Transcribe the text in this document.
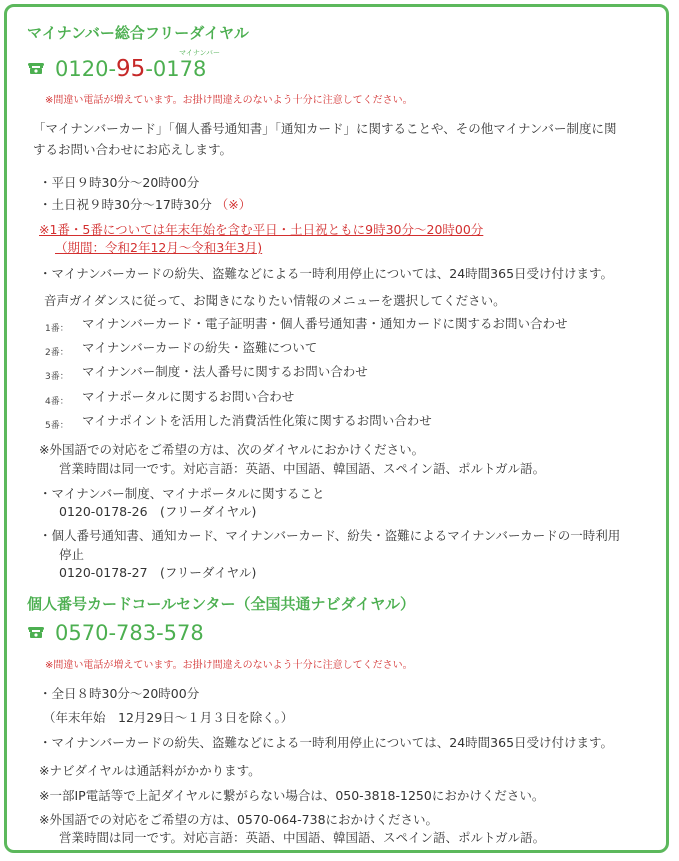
マイナンバー総合フリーダイヤル
マイナンバー
0120-95-0178
※間違い電話が増えています。お掛け間違えのないよう十分に注意してください。
「マイナンバーカード」「個人番号通知書」「通知カード」に関することや、その他マイナンバー制度に関
するお問い合わせにお応えします。
・平日９時30分～20時00分
・土日祝９時30分～17時30分 （※）
※1番・5番については年末年始を含む平日・土日祝ともに9時30分～20時00分
（期間：令和2年12月～令和3年3月)
・マイナンバーカードの紛失、盗難などによる一時利用停止については、24時間365日受け付けます。
音声ガイダンスに従って、お聞きになりたい情報のメニューを選択してください。
1番： マイナンバーカード・電子証明書・個人番号通知書・通知カードに関するお問い合わせ
2番： マイナンバーカードの紛失・盗難について
3番： マイナンバー制度・法人番号に関するお問い合わせ
4番： マイナポータルに関するお問い合わせ
5番： マイナポイントを活用した消費活性化策に関するお問い合わせ
※外国語での対応をご希望の方は、次のダイヤルにおかけください。
営業時間は同一です。対応言語：英語、中国語、韓国語、スペイン語、ポルトガル語。
・マイナンバー制度、マイナポータルに関すること
0120-0178-26　(フリーダイヤル)
・個人番号通知書、通知カード、マイナンバーカード、紛失・盗難によるマイナンバーカードの一時利用
停止
0120-0178-27　(フリーダイヤル)
個人番号カードコールセンター（全国共通ナビダイヤル）
0570-783-578
※間違い電話が増えています。お掛け間違えのないよう十分に注意してください。
・全日８時30分～20時00分
（年末年始　12月29日～１月３日を除く。）
・マイナンバーカードの紛失、盗難などによる一時利用停止については、24時間365日受け付けます。
※ナビダイヤルは通話料がかかります。
※一部IP電話等で上記ダイヤルに繋がらない場合は、050-3818-1250におかけください。
※外国語での対応をご希望の方は、0570-064-738におかけください。
営業時間は同一です。対応言語：英語、中国語、韓国語、スペイン語、ポルトガル語。
